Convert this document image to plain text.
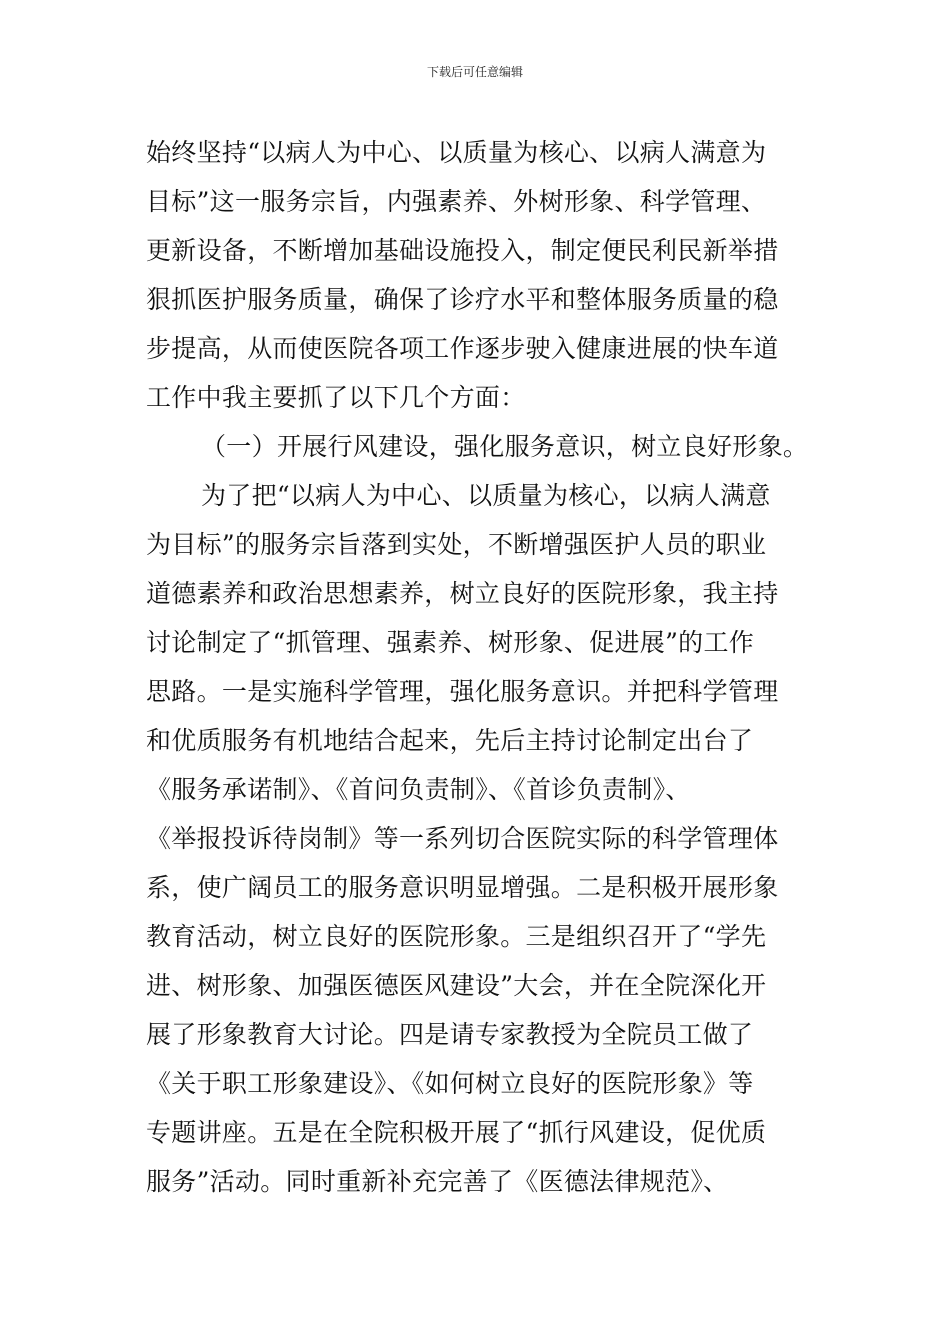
下载后可任意编辑
始终坚持“以病人为中心、以质量为核心、以病人满意为
目标”这一服务宗旨，内强素养、外树形象、科学管理、
更新设备，不断增加基础设施投入，制定便民利民新举措
狠抓医护服务质量，确保了诊疗水平和整体服务质量的稳
步提高，从而使医院各项工作逐步驶入健康进展的快车道
工作中我主要抓了以下几个方面：
（一）开展行风建设，强化服务意识，树立良好形象。
为了把“以病人为中心、以质量为核心，以病人满意
为目标”的服务宗旨落到实处，不断增强医护人员的职业
道德素养和政治思想素养，树立良好的医院形象，我主持
讨论制定了“抓管理、强素养、树形象、促进展”的工作
思路。一是实施科学管理，强化服务意识。并把科学管理
和优质服务有机地结合起来，先后主持讨论制定出台了
《服务承诺制》、《首问负责制》、《首诊负责制》、
《举报投诉待岗制》等一系列切合医院实际的科学管理体
系，使广阔员工的服务意识明显增强。二是积极开展形象
教育活动，树立良好的医院形象。三是组织召开了“学先
进、树形象、加强医德医风建设”大会，并在全院深化开
展了形象教育大讨论。四是请专家教授为全院员工做了
《关于职工形象建设》、《如何树立良好的医院形象》等
专题讲座。五是在全院积极开展了“抓行风建设，促优质
服务”活动。同时重新补充完善了《医德法律规范》、
